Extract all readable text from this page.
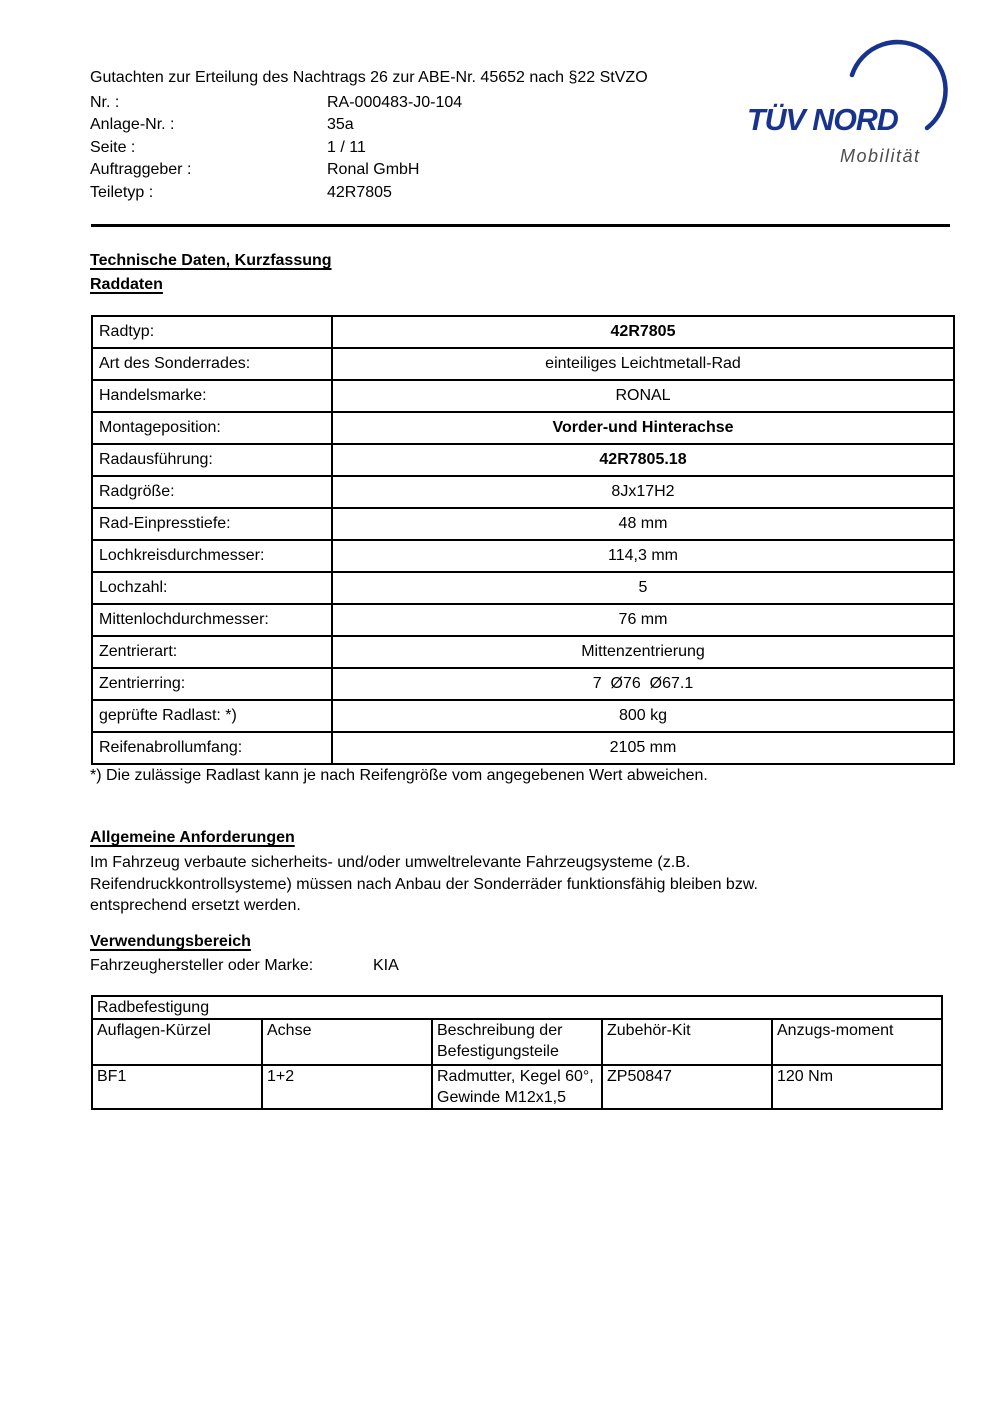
Gutachten zur Erteilung des Nachtrags 26 zur ABE-Nr. 45652 nach §22 StVZO
Nr. :	RA-000483-J0-104
Anlage-Nr. :	35a
Seite :	1 / 11
Auftraggeber :	Ronal GmbH
Teiletyp :	42R7805
TÜV NORD
Mobilität
Technische Daten, Kurzfassung
Raddaten
Radtyp:	42R7805
Art des Sonderrades:	einteiliges Leichtmetall-Rad
Handelsmarke:	RONAL
Montageposition:	Vorder-und Hinterachse
Radausführung:	42R7805.18
Radgröße:	8Jx17H2
Rad-Einpresstiefe:	48 mm
Lochkreisdurchmesser:	114,3 mm
Lochzahl:	5
Mittenlochdurchmesser:	76 mm
Zentrierart:	Mittenzentrierung
Zentrierring:	7  Ø76  Ø67.1
geprüfte Radlast: *)	800 kg
Reifenabrollumfang:	2105 mm
*) Die zulässige Radlast kann je nach Reifengröße vom angegebenen Wert abweichen.
Allgemeine Anforderungen
Im Fahrzeug verbaute sicherheits- und/oder umweltrelevante Fahrzeugsysteme (z.B.
Reifendruckkontrollsysteme) müssen nach Anbau der Sonderräder funktionsfähig bleiben bzw.
entsprechend ersetzt werden.
Verwendungsbereich
Fahrzeughersteller oder Marke:	KIA
Radbefestigung				
Auflagen-Kürzel	Achse	Beschreibung der Befestigungsteile	Zubehör-Kit	Anzugs-moment
BF1	1+2	Radmutter, Kegel 60°, Gewinde M12x1,5	ZP50847	120 Nm
